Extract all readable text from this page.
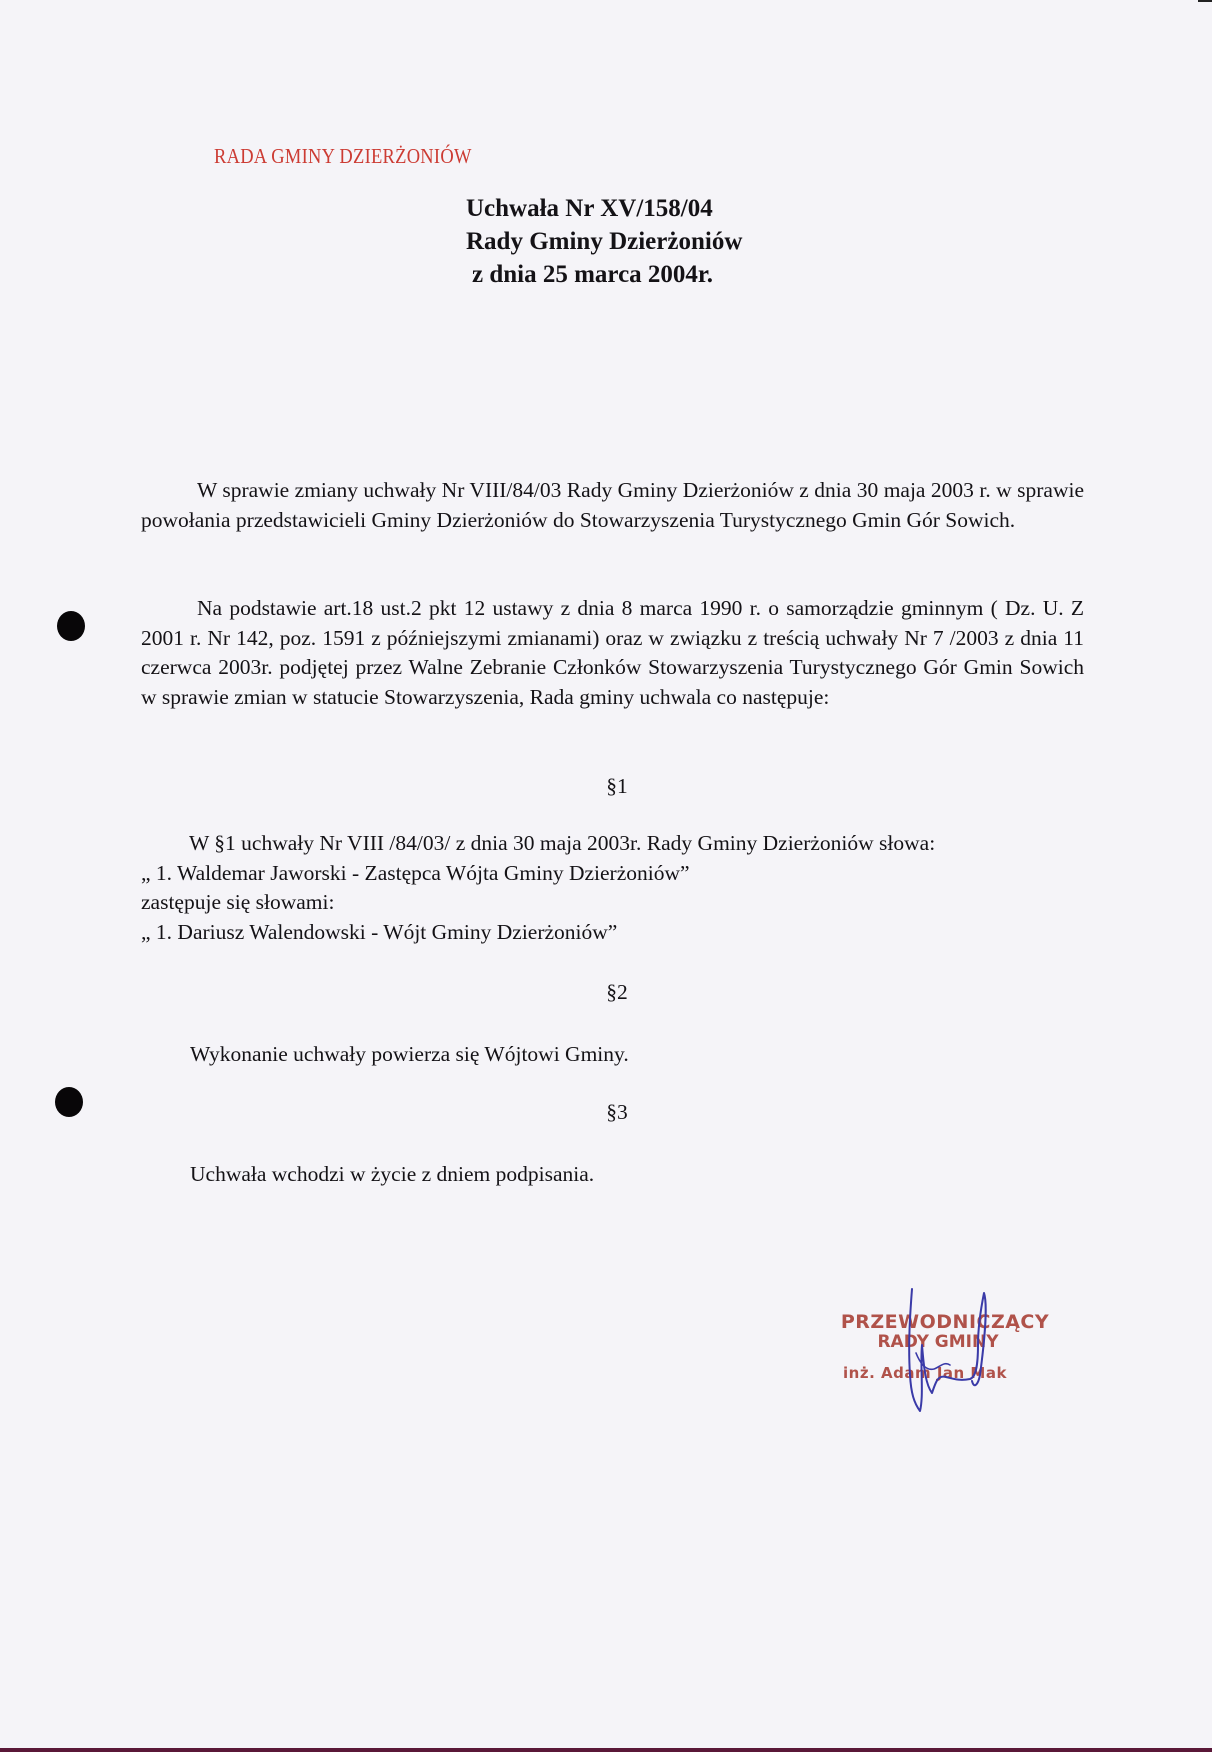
RADA GMINY DZIERŻONIÓW
Uchwała Nr XV/158/04
Rady Gminy Dzierżoniów
z dnia 25 marca 2004r.
W sprawie zmiany uchwały Nr VIII/84/03 Rady Gminy Dzierżoniów z dnia 30 maja 2003 r. w sprawie powołania przedstawicieli Gminy Dzierżoniów do Stowarzyszenia Turystycznego Gmin Gór Sowich.
Na podstawie art.18 ust.2 pkt 12 ustawy z dnia 8 marca 1990 r. o samorządzie gminnym ( Dz. U. Z 2001 r. Nr 142, poz. 1591 z późniejszymi zmianami) oraz w związku z treścią uchwały Nr 7 /2003 z dnia 11 czerwca 2003r. podjętej przez Walne Zebranie Członków Stowarzyszenia Turystycznego Gór Gmin Sowich w sprawie zmian w statucie Stowarzyszenia, Rada gminy uchwala co następuje:
§1
W §1 uchwały Nr VIII /84/03/ z dnia 30 maja 2003r. Rady Gminy Dzierżoniów słowa:
„ 1. Waldemar Jaworski - Zastępca Wójta Gminy Dzierżoniów”
zastępuje się słowami:
„ 1. Dariusz Walendowski - Wójt Gminy Dzierżoniów”
§2
Wykonanie uchwały powierza się Wójtowi Gminy.
§3
Uchwała wchodzi w życie z dniem podpisania.
PRZEWODNICZĄCY
RADY GMINY
inż. Adam Jan Mak
